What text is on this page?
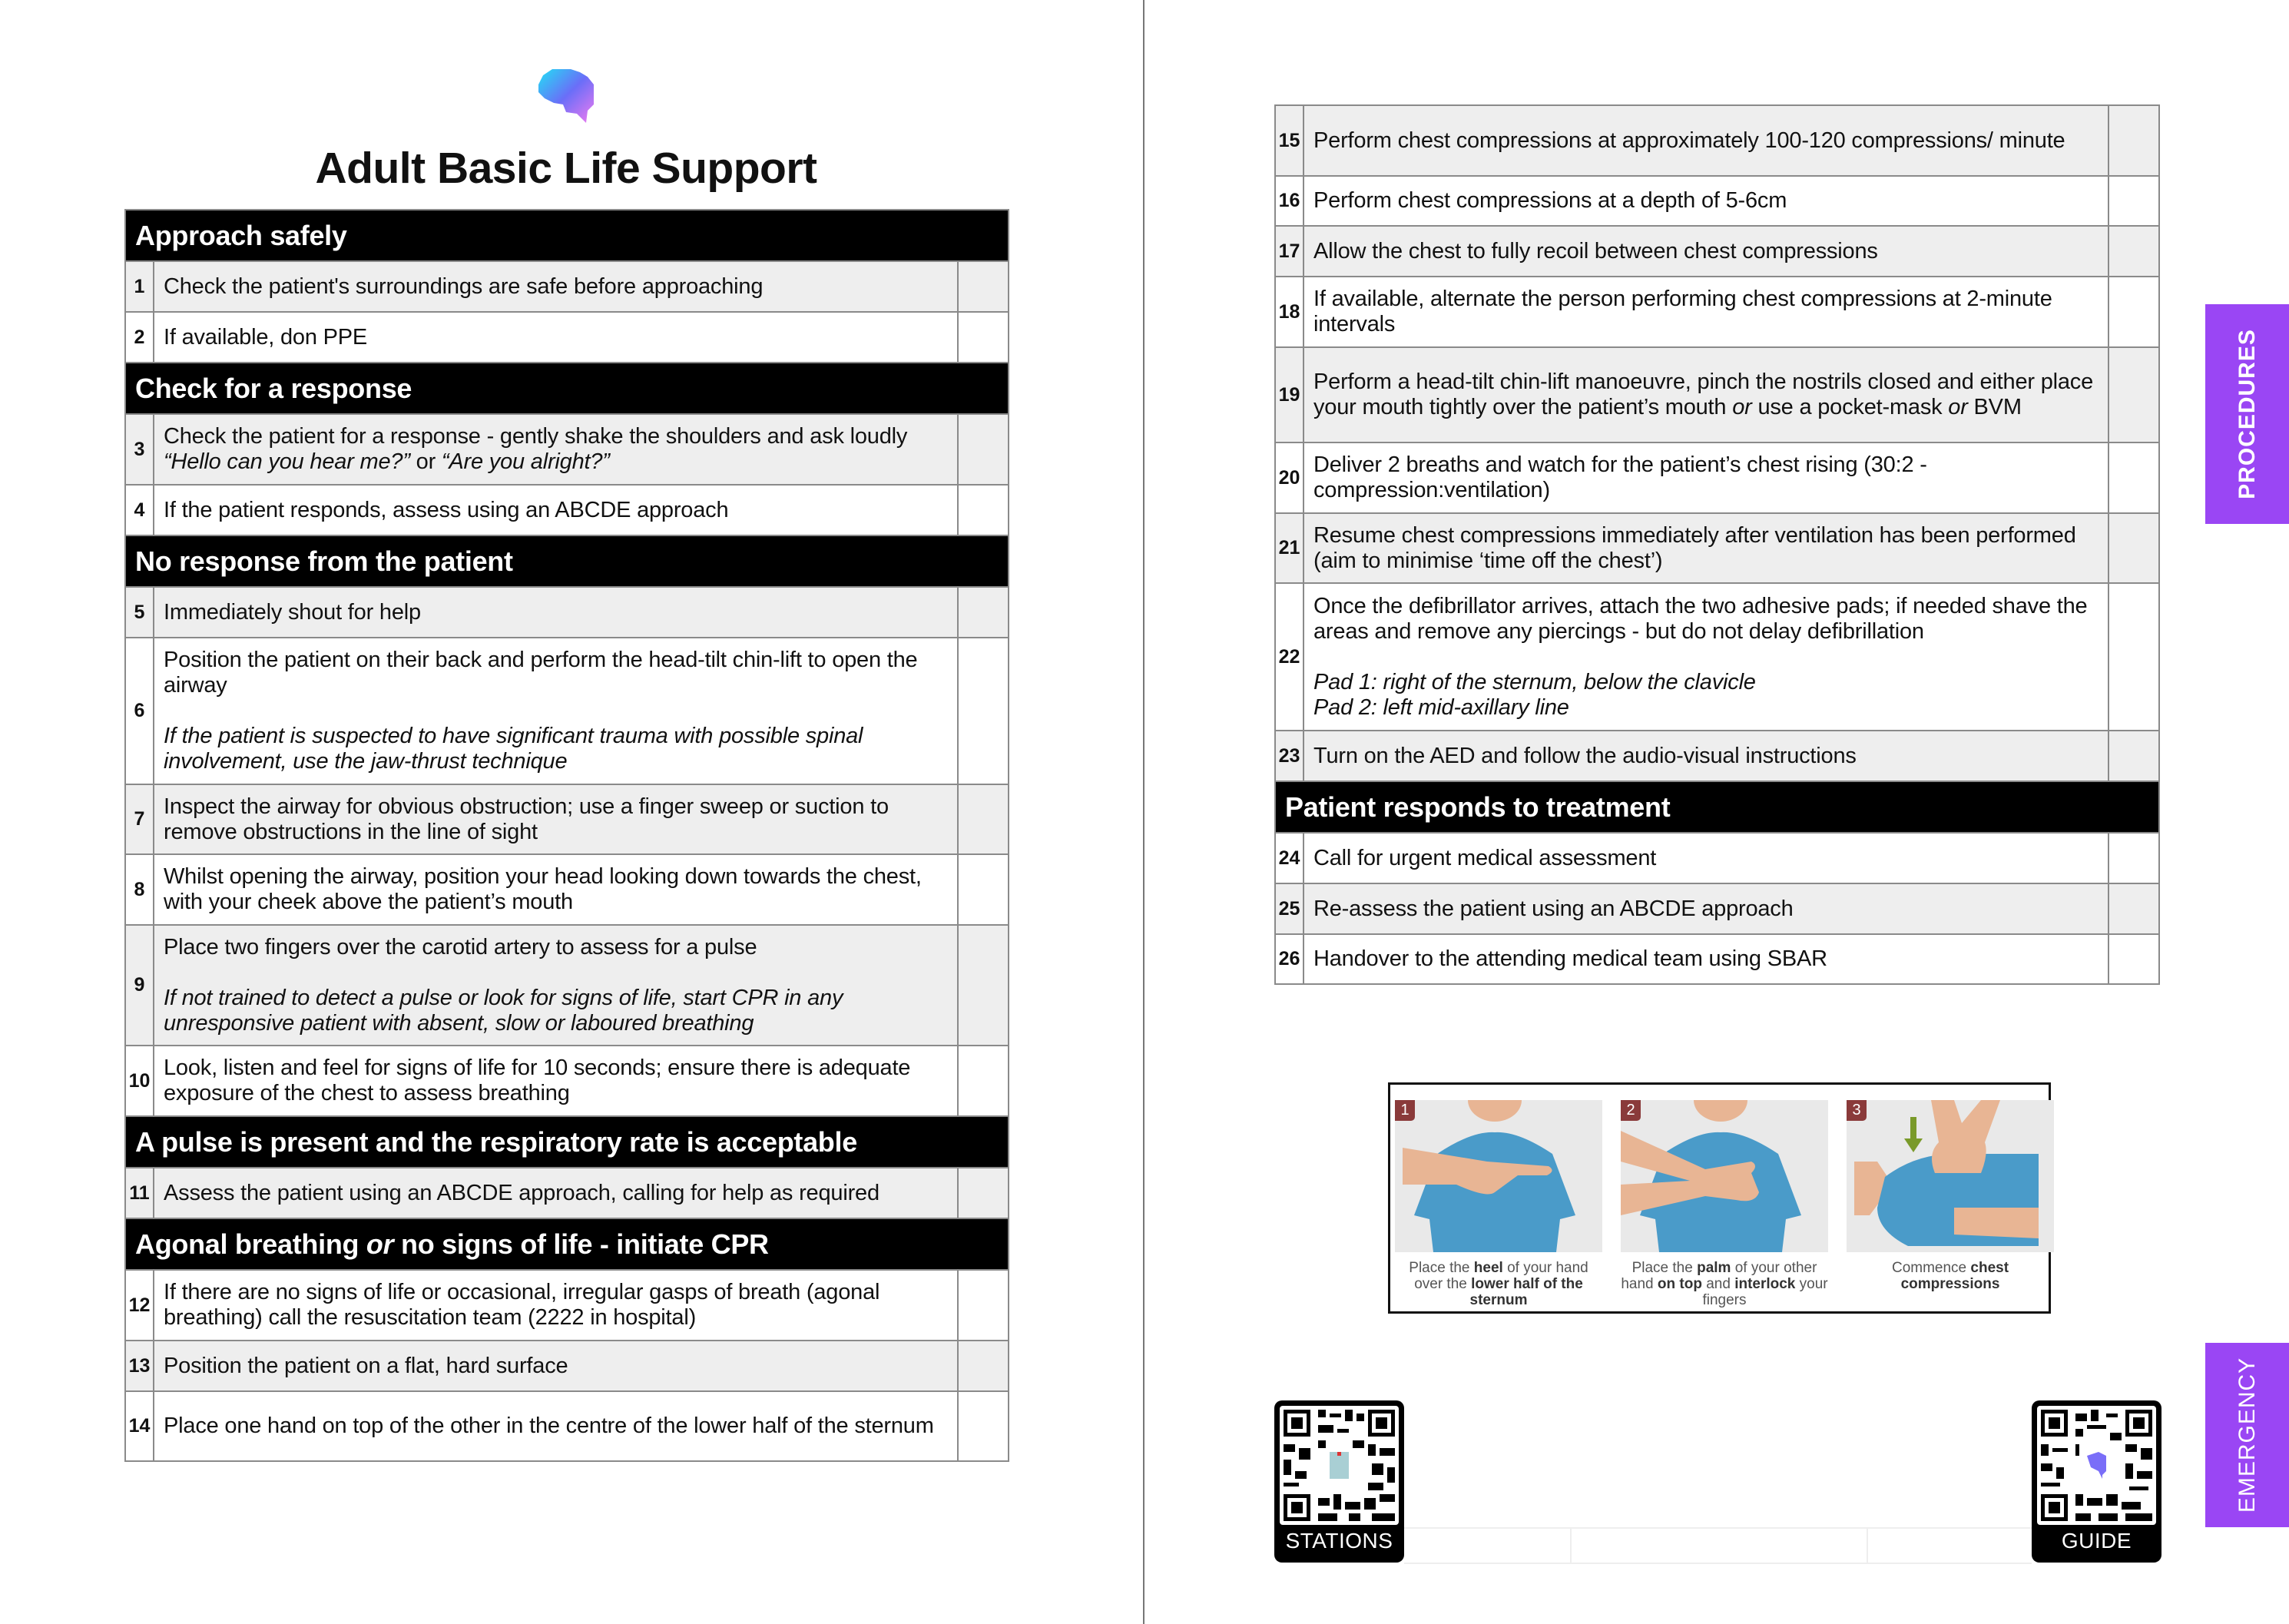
Adult Basic Life Support
Approach safely		
1	Check the patient's surroundings are safe before approaching	
2	If available, don PPE	
Check for a response		
3	Check the patient for a response - gently shake the shoulders and ask loudly “Hello can you hear me?” or “Are you alright?”	
4	If the patient responds, assess using an ABCDE approach	
No response from the patient		
5	Immediately shout for help	
6	Position the patient on their back and perform the head-tilt chin-lift to open the airway
If the patient is suspected to have significant trauma with possible spinal involvement, use the jaw-thrust technique	
7	Inspect the airway for obvious obstruction; use a finger sweep or suction to remove obstructions in the line of sight	
8	Whilst opening the airway, position your head looking down towards the chest, with your cheek above the patient’s mouth	
9	Place two fingers over the carotid artery to assess for a pulse
If not trained to detect a pulse or look for signs of life, start CPR in any unresponsive patient with absent, slow or laboured breathing	
10	Look, listen and feel for signs of life for 10 seconds; ensure there is adequate exposure of the chest to assess breathing	
A pulse is present and the respiratory rate is acceptable		
11	Assess the patient using an ABCDE approach, calling for help as required	
Agonal breathing or no signs of life - initiate CPR		
12	If there are no signs of life or occasional, irregular gasps of breath (agonal breathing) call the resuscitation team (2222 in hospital)	
13	Position the patient on a flat, hard surface	
14	Place one hand on top of the other in the centre of the lower half of the sternum	
15	Perform chest compressions at approximately 100-120 compressions/ minute	
16	Perform chest compressions at a depth of 5-6cm	
17	Allow the chest to fully recoil between chest compressions	
18	If available, alternate the person performing chest compressions at 2-minute intervals	
19	Perform a head-tilt chin-lift manoeuvre, pinch the nostrils closed and either place your mouth tightly over the patient’s mouth or use a pocket-mask or BVM	
20	Deliver 2 breaths and watch for the patient’s chest rising (30:2 - compression:ventilation)	
21	Resume chest compressions immediately after ventilation has been performed (aim to minimise ‘time off the chest’)	
22	Once the defibrillator arrives, attach the two adhesive pads; if needed shave the areas and remove any piercings - but do not delay defibrillation
Pad 1: right of the sternum, below the clavicle
Pad 2: left mid-axillary line	
23	Turn on the AED and follow the audio-visual instructions	
Patient responds to treatment		
24	Call for urgent medical assessment	
25	Re-assess the patient using an ABCDE approach	
26	Handover to the attending medical team using SBAR	
1
Place the heel of your hand over the lower half of the sternum
2
Place the palm of your other hand on top and interlock your fingers
3
Commence chest compressions
STATIONS	GUIDE
PROCEDURES
EMERGENCY
